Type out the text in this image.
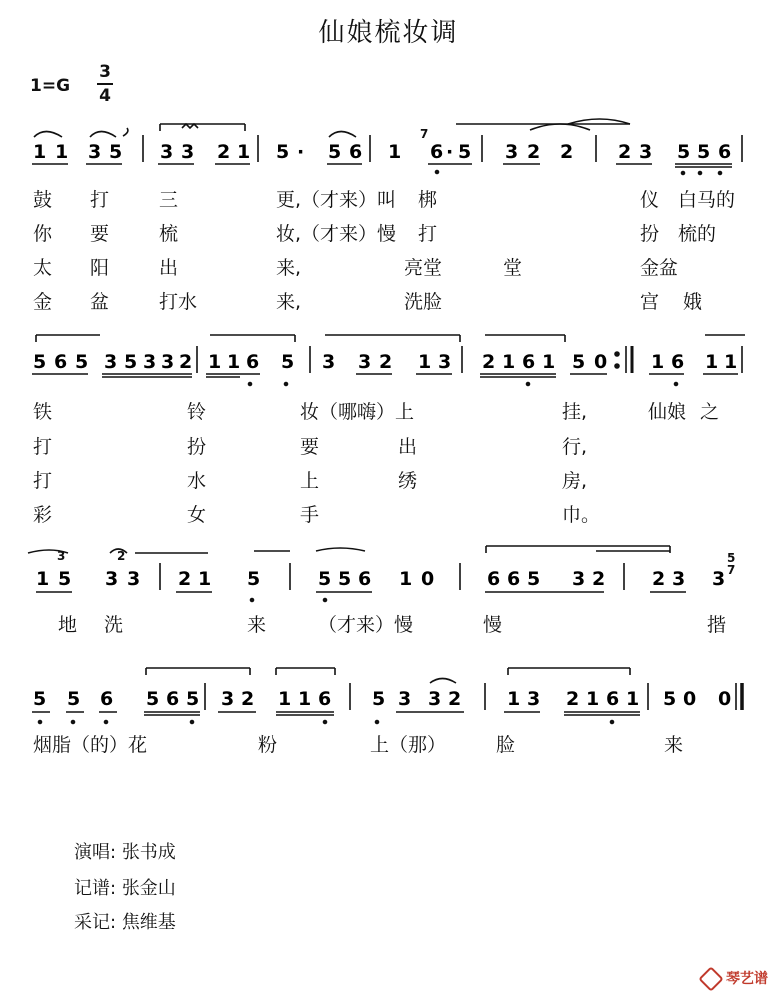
仙娘梳妆调
1=G
3
4
1 1 3 5 3 3 2 1 5 · 5 6 1 6 · 5 3 2 2 2 3 5 5 6
5 6 5 3 5 3 3 2 1 1 6 5 3 3 2 1 3 2 1 6 1 5 0 1 6 1 1
1 5 3 3 2 1 5	5 5 6 1 0	6 6 5 3 2 2 3 3
5 5 6 5 6 5 3 2 1 1 6 5 3 3 2 1 3 2 1 6 1 5 0 0
7
3	2	5
7
鼓 打	三	更,（才来）叫 梆	仪 白马的
你 要	梳	妆,（才来）慢 打	扮 梳的
太 阳	出	来,	亮堂	堂	金盆
金 盆	打水	来,	洗脸	宫 娥
铁	铃	妆（哪嗨）上	挂,	仙娘 之
打	扮	要	出	行,
打	水	上	绣	房,
彩	女	手	巾。
地 洗	来	（才来）慢	慢	揩
烟脂（的）花	粉	上（那）	脸	来
演唱: 张书成
记谱: 张金山
采记: 焦维基
琴艺谱
